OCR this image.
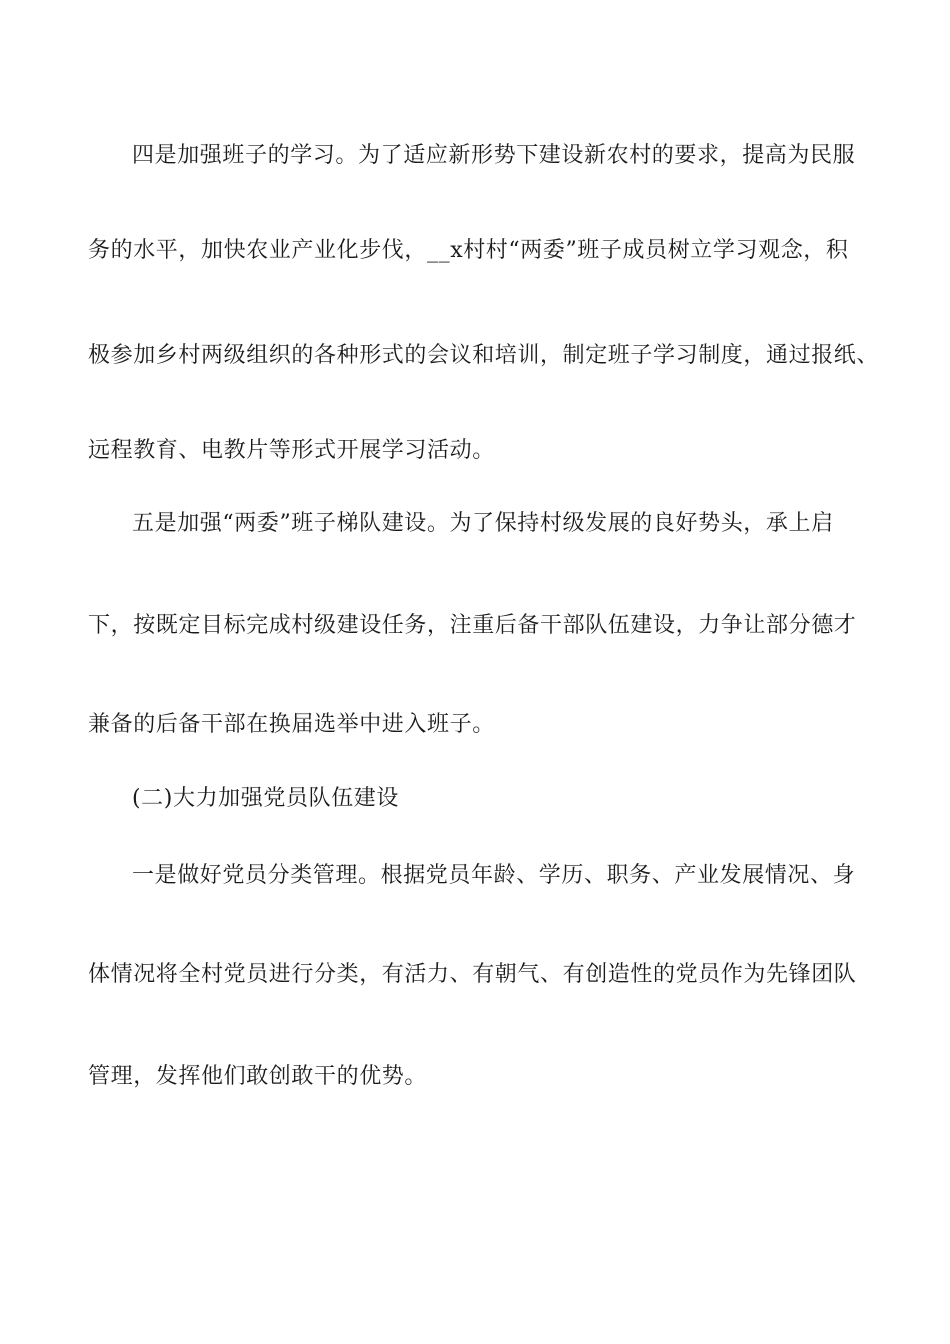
四是加强班子的学习。为了适应新形势下建设新农村的要求，提高为民服
务的水平，加快农业产业化步伐，__x村村“两委”班子成员树立学习观念，积
极参加乡村两级组织的各种形式的会议和培训，制定班子学习制度，通过报纸、
远程教育、电教片等形式开展学习活动。
五是加强“两委”班子梯队建设。为了保持村级发展的良好势头，承上启
下，按既定目标完成村级建设任务，注重后备干部队伍建设，力争让部分德才
兼备的后备干部在换届选举中进入班子。
(二)大力加强党员队伍建设
一是做好党员分类管理。根据党员年龄、学历、职务、产业发展情况、身
体情况将全村党员进行分类，有活力、有朝气、有创造性的党员作为先锋团队
管理，发挥他们敢创敢干的优势。
